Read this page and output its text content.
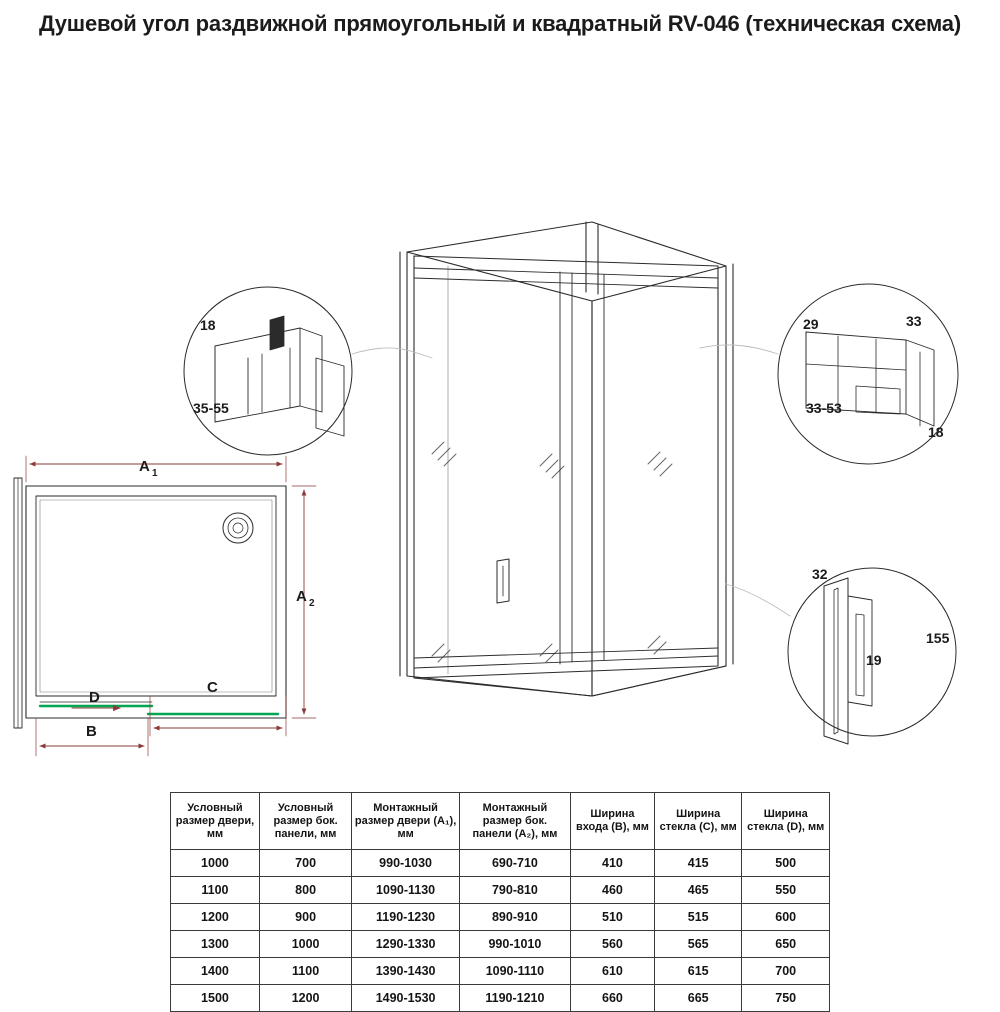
Душевой угол раздвижной прямоугольный и квадратный RV-046 (техническая схема)
18
35-55
29	33
33-53
18
32
155
19
A 1
A 2
C
B
D
Условный размер двери, мм	Условный размер бок. панели, мм	Монтажный размер двери (A₁), мм	Монтажный размер бок. панели (A₂), мм	Ширина входа (B), мм	Ширина стекла (C), мм	Ширина стекла (D), мм
1000	700	990-1030	690-710	410	415	500
1100	800	1090-1130	790-810	460	465	550
1200	900	1190-1230	890-910	510	515	600
1300	1000	1290-1330	990-1010	560	565	650
1400	1100	1390-1430	1090-1110	610	615	700
1500	1200	1490-1530	1190-1210	660	665	750
